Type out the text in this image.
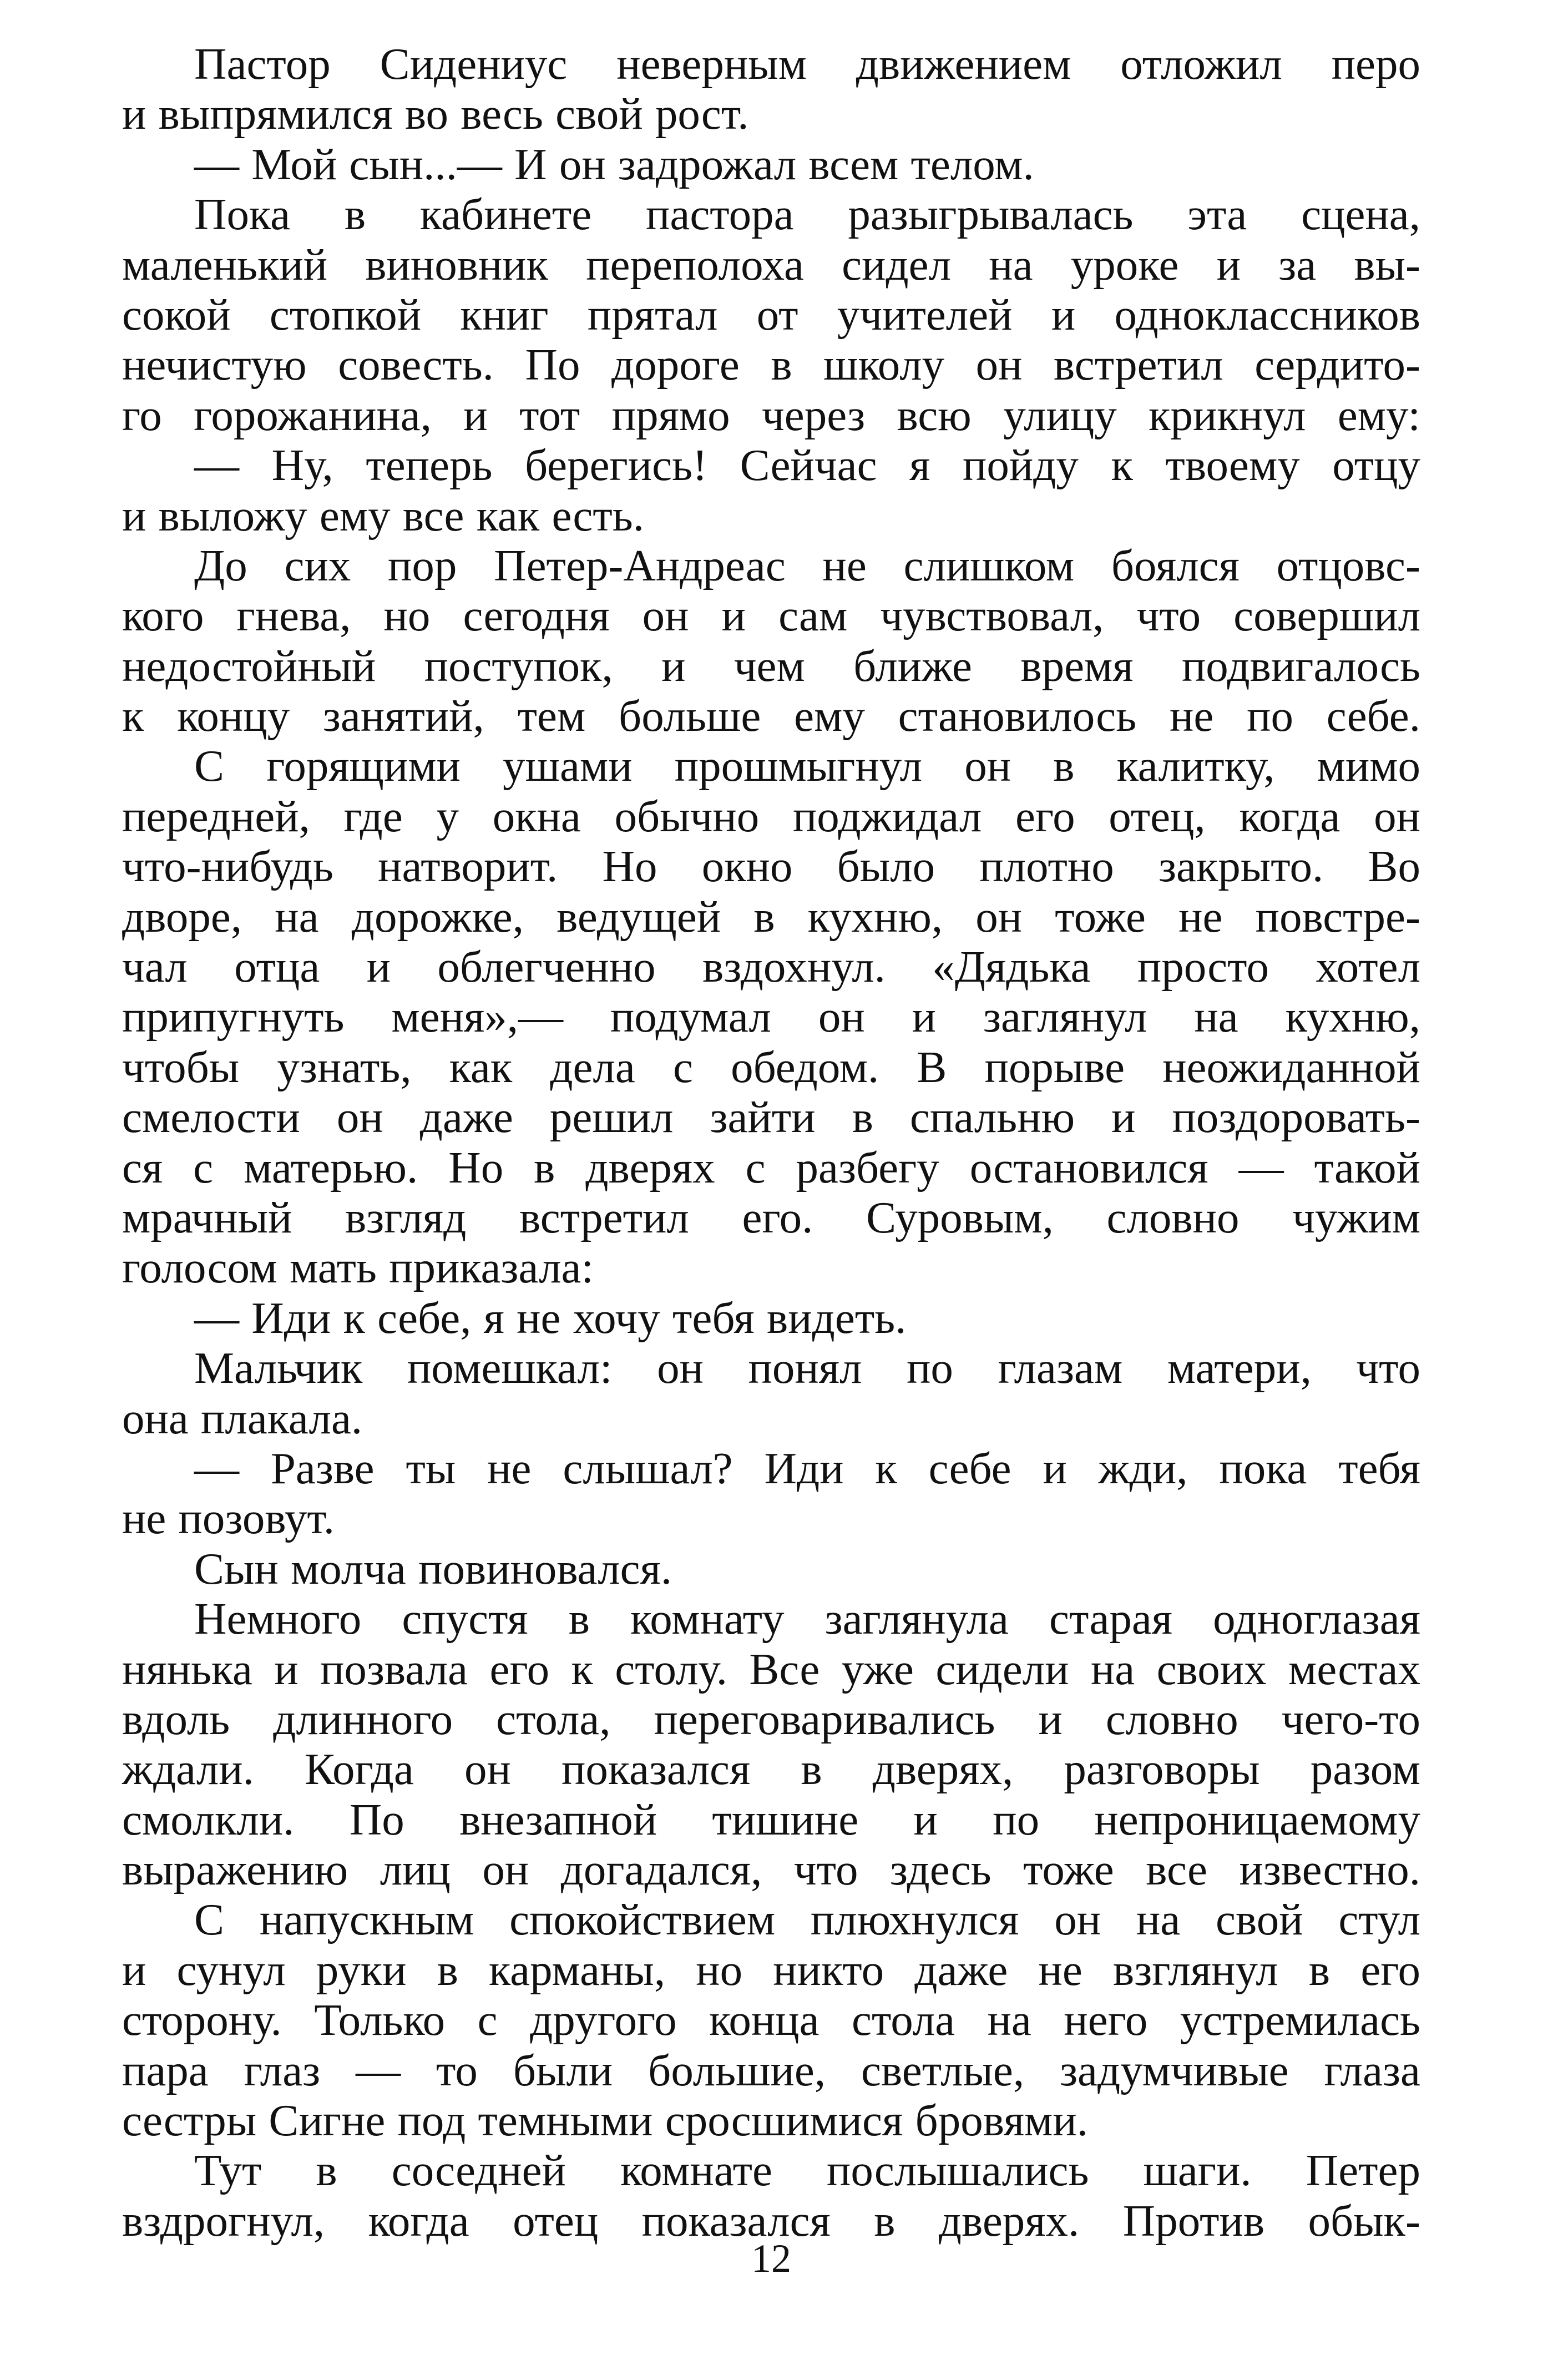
Пастор Сидениус неверным движением отложил перо
и выпрямился во весь свой рост.
— Мой сын...— И он задрожал всем телом.
Пока в кабинете пастора разыгрывалась эта сцена,
маленький виновник переполоха сидел на уроке и за вы-
сокой стопкой книг прятал от учителей и одноклассников
нечистую совесть. По дороге в школу он встретил сердито-
го горожанина, и тот прямо через всю улицу крикнул ему:
— Ну, теперь берегись! Сейчас я пойду к твоему отцу
и выложу ему все как есть.
До сих пор Петер-Андреас не слишком боялся отцовс-
кого гнева, но сегодня он и сам чувствовал, что совершил
недостойный поступок, и чем ближе время подвигалось
к концу занятий, тем больше ему становилось не по себе.
С горящими ушами прошмыгнул он в калитку, мимо
передней, где у окна обычно поджидал его отец, когда он
что-нибудь натворит. Но окно было плотно закрыто. Во
дворе, на дорожке, ведущей в кухню, он тоже не повстре-
чал отца и облегченно вздохнул. «Дядька просто хотел
припугнуть меня»,— подумал он и заглянул на кухню,
чтобы узнать, как дела с обедом. В порыве неожиданной
смелости он даже решил зайти в спальню и поздоровать-
ся с матерью. Но в дверях с разбегу остановился — такой
мрачный взгляд встретил его. Суровым, словно чужим
голосом мать приказала:
— Иди к себе, я не хочу тебя видеть.
Мальчик помешкал: он понял по глазам матери, что
она плакала.
— Разве ты не слышал? Иди к себе и жди, пока тебя
не позовут.
Сын молча повиновался.
Немного спустя в комнату заглянула старая одноглазая
нянька и позвала его к столу. Все уже сидели на своих местах
вдоль длинного стола, переговаривались и словно чего-то
ждали. Когда он показался в дверях, разговоры разом
смолкли. По внезапной тишине и по непроницаемому
выражению лиц он догадался, что здесь тоже все известно.
С напускным спокойствием плюхнулся он на свой стул
и сунул руки в карманы, но никто даже не взглянул в его
сторону. Только с другого конца стола на него устремилась
пара глаз — то были большие, светлые, задумчивые глаза
сестры Сигне под темными сросшимися бровями.
Тут в соседней комнате послышались шаги. Петер
вздрогнул, когда отец показался в дверях. Против обык-
12
